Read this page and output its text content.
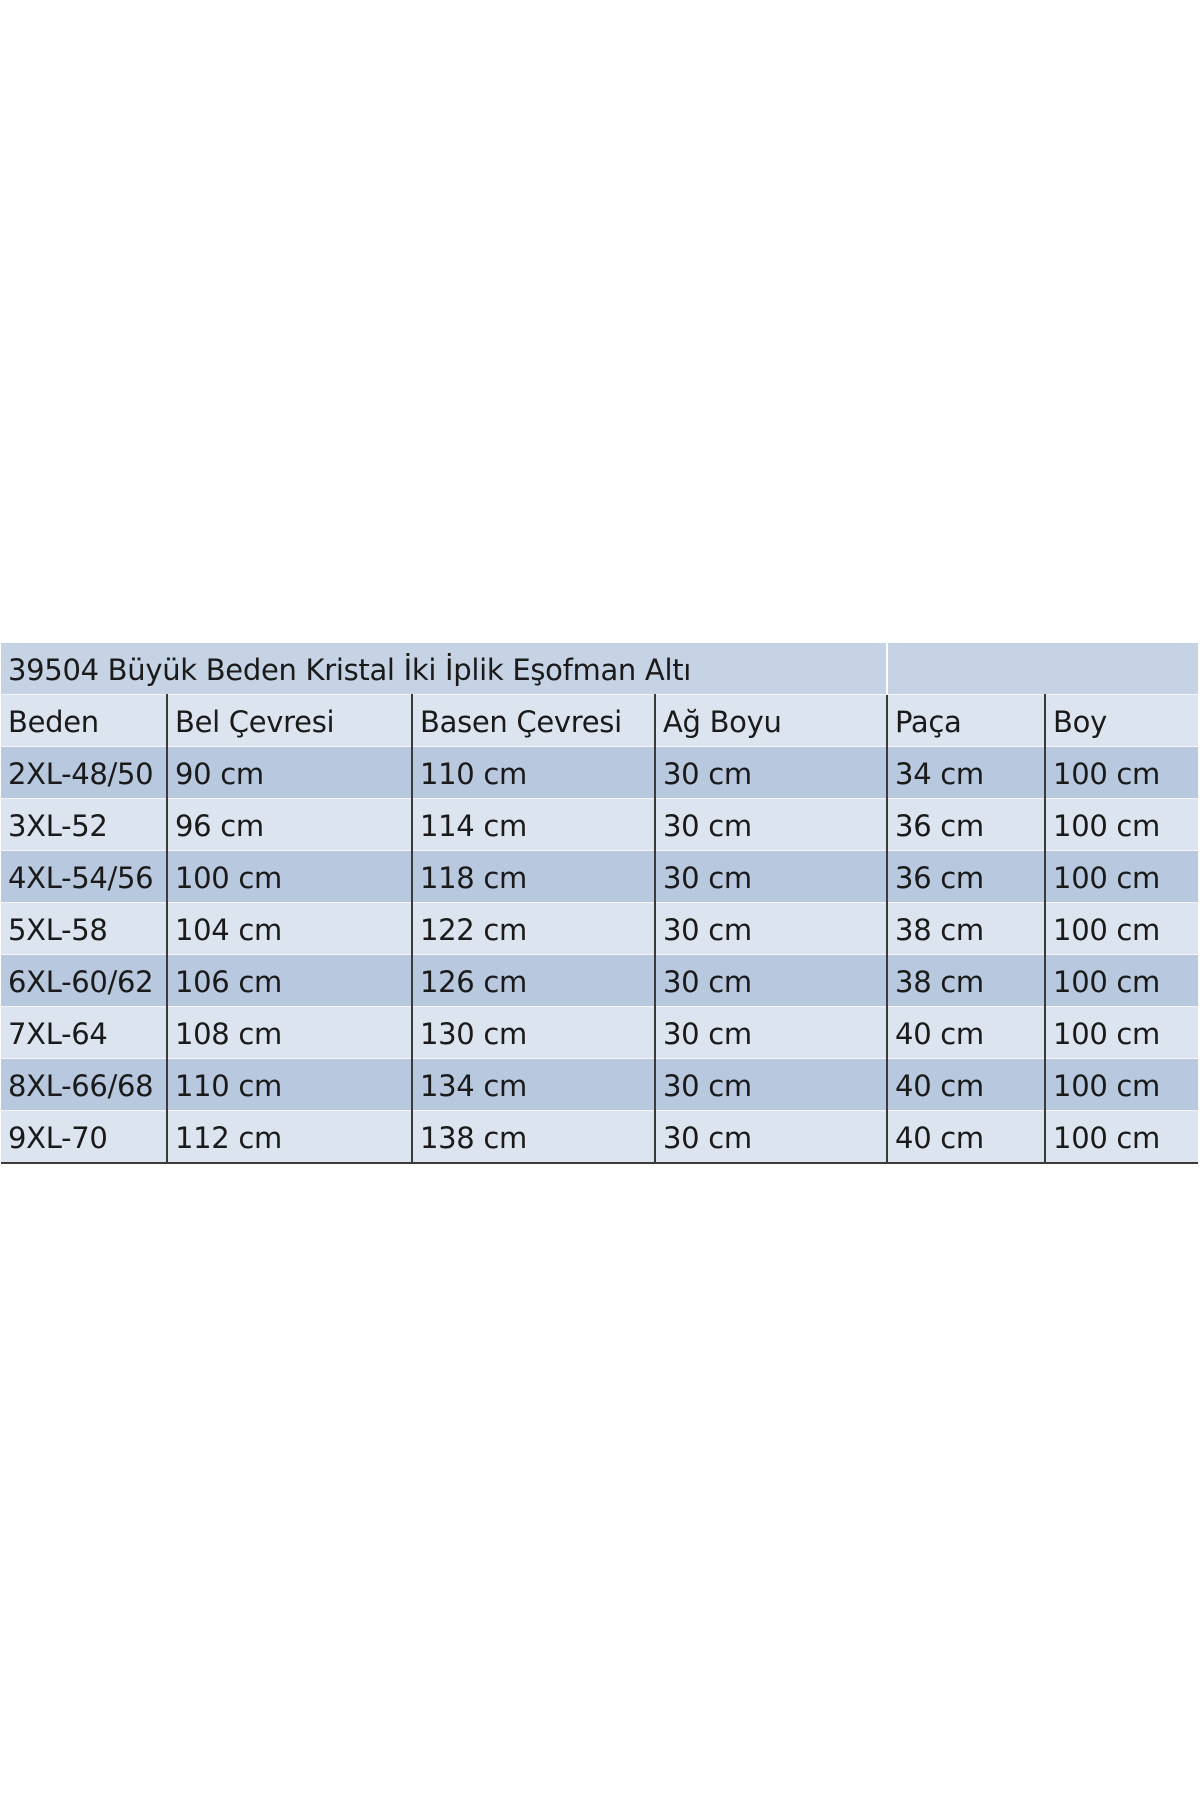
39504 Büyük Beden Kristal İki İplik Eşofman Altı					
Beden	Bel Çevresi	Basen Çevresi	Ağ Boyu	Paça	Boy
2XL-48/50	90 cm	110 cm	30 cm	34 cm	100 cm
3XL-52	96 cm	114 cm	30 cm	36 cm	100 cm
4XL-54/56	100 cm	118 cm	30 cm	36 cm	100 cm
5XL-58	104 cm	122 cm	30 cm	38 cm	100 cm
6XL-60/62	106 cm	126 cm	30 cm	38 cm	100 cm
7XL-64	108 cm	130 cm	30 cm	40 cm	100 cm
8XL-66/68	110 cm	134 cm	30 cm	40 cm	100 cm
9XL-70	112 cm	138 cm	30 cm	40 cm	100 cm
